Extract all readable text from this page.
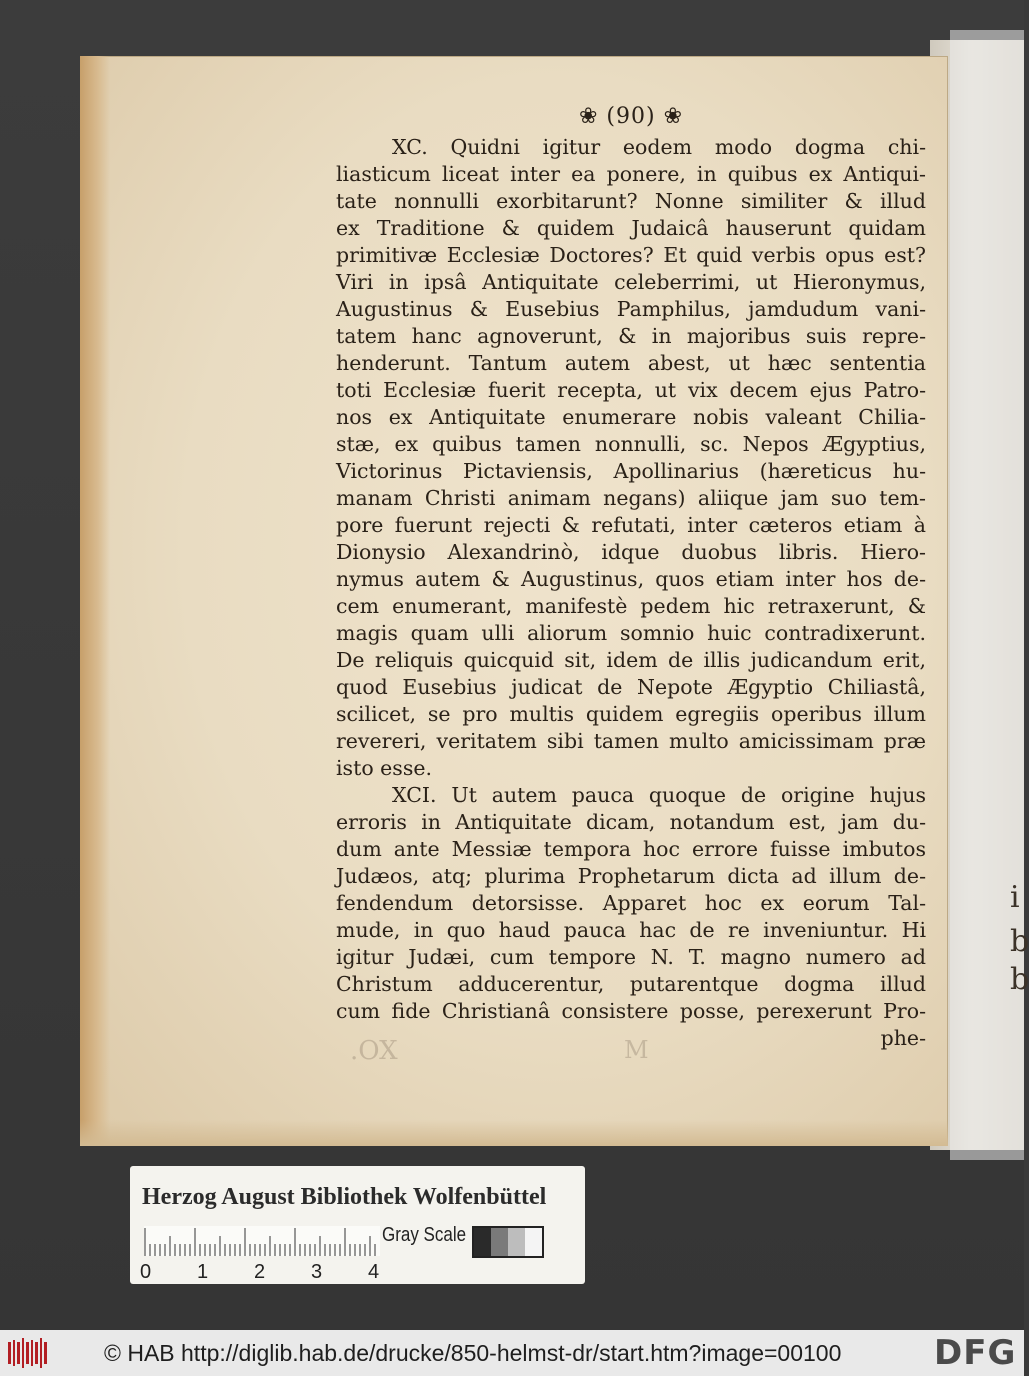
i
b
b
.OX
❀ (90) ❀
XC. Quidni igitur eodem modo dogma chi-
liasticum liceat inter ea ponere, in quibus ex Antiqui-
tate nonnulli exorbitarunt? Nonne similiter & illud
ex Traditione & quidem Judaicâ hauserunt quidam
primitivæ Ecclesiæ Doctores? Et quid verbis opus est?
Viri in ipsâ Antiquitate celeberrimi, ut Hieronymus,
Augustinus & Eusebius Pamphilus, jamdudum vani-
tatem hanc agnoverunt, & in majoribus suis repre-
henderunt. Tantum autem abest, ut hæc sententia
toti Ecclesiæ fuerit recepta, ut vix decem ejus Patro-
nos ex Antiquitate enumerare nobis valeant Chilia-
stæ, ex quibus tamen nonnulli, sc. Nepos Ægyptius,
Victorinus Pictaviensis, Apollinarius (hæreticus hu-
manam Christi animam negans) aliique jam suo tem-
pore fuerunt rejecti & refutati, inter cæteros etiam à
Dionysio Alexandrinò, idque duobus libris. Hiero-
nymus autem & Augustinus, quos etiam inter hos de-
cem enumerant, manifestè pedem hic retraxerunt, &
magis quam ulli aliorum somnio huic contradixerunt.
De reliquis quicquid sit, idem de illis judicandum erit,
quod Eusebius judicat de Nepote Ægyptio Chiliastâ,
scilicet, se pro multis quidem egregiis operibus illum
revereri, veritatem sibi tamen multo amicissimam præ
isto esse.
XCI. Ut autem pauca quoque de origine hujus
erroris in Antiquitate dicam, notandum est, jam du-
dum ante Messiæ tempora hoc errore fuisse imbutos
Judæos, atq; plurima Prophetarum dicta ad illum de-
fendendum detorsisse. Apparet hoc ex eorum Tal-
mude, in quo haud pauca hac de re inveniuntur. Hi
igitur Judæi, cum tempore N. T. magno numero ad
Christum adducerentur, putarentque dogma illud
cum fide Christianâ consistere posse, perexerunt Pro-
phe-
M
Herzog August Bibliothek Wolfenbüttel
0 1 2 3 4
Gray Scale
© HAB http://diglib.hab.de/drucke/850-helmst-dr/start.htm?image=00100	DFG
